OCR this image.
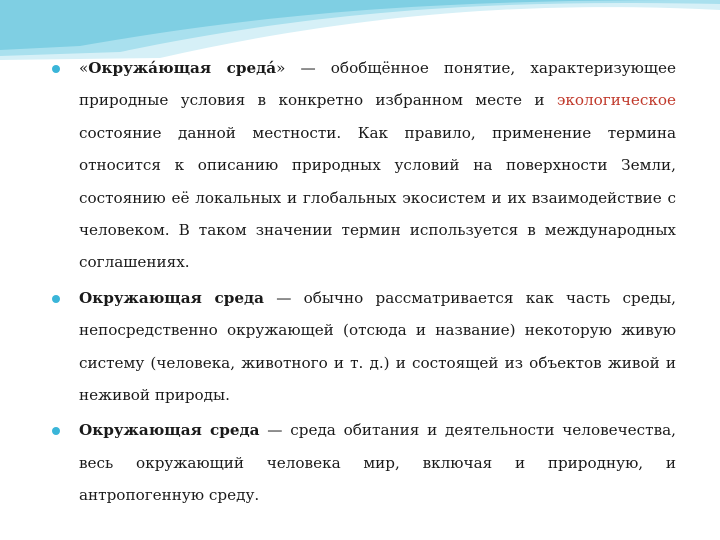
«Окружа́ющая среда́» — обобщённое понятие, характеризующее природные условия в конкретно избранном месте и экологическое состояние данной местности. Как правило, применение термина относится к описанию природных условий на поверхности Земли, состоянию её локальных и глобальных экосистем и их взаимодействие с человеком. В таком значении термин используется в международных соглашениях.
Окружающая среда — обычно рассматривается как часть среды, непосредственно окружающей (отсюда и название) некоторую живую систему (человека, животного и т. д.) и состоящей из объектов живой и неживой природы.
Окружающая среда — среда обитания и деятельности человечества, весь окружающий человека мир, включая и природную, и антропогенную среду.
